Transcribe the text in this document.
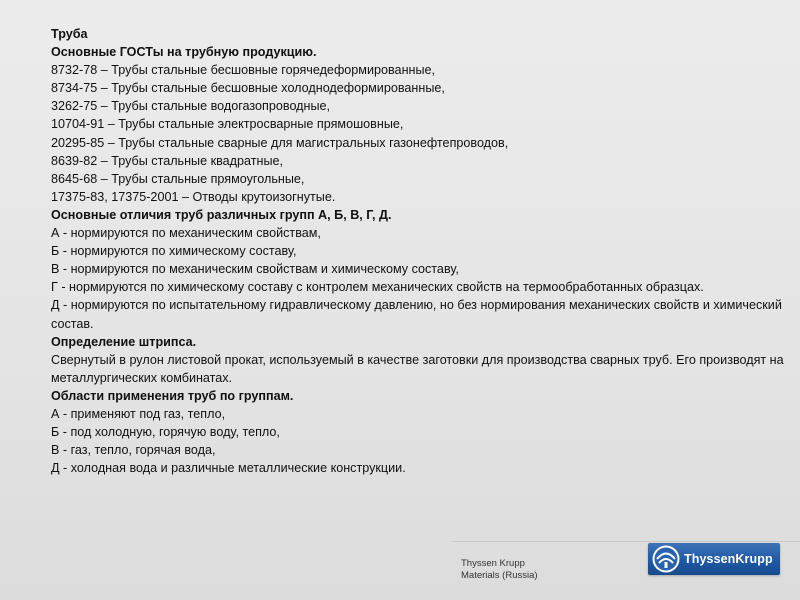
Труба

Основные ГОСТы на трубную продукцию.

8732-78 – Трубы стальные бесшовные горячедеформированные,

8734-75 – Трубы стальные бесшовные холоднодеформированные,

3262-75 – Трубы стальные водогазопроводные,

10704-91 – Трубы стальные электросварные прямошовные,

20295-85 – Трубы стальные сварные для магистральных газонефтепроводов,

8639-82 – Трубы стальные квадратные,

8645-68 – Трубы стальные прямоугольные,

17375-83, 17375-2001 – Отводы крутоизогнутые.

Основные отличия труб различных групп А, Б, В, Г, Д.

А - нормируются по механическим свойствам,

Б - нормируются по химическому составу,

В - нормируются по механическим свойствам и химическому составу,

Г - нормируются по химическому составу с контролем механических свойств на термообработанных образцах.

Д - нормируются по испытательному гидравлическому давлению, но без нормирования механических свойств и химический состав.

Определение штрипса.

Свернутый в рулон листовой прокат, используемый в качестве заготовки для производства сварных труб. Его производят на металлургических комбинатах.

Области применения труб по группам.

А - применяют под газ, тепло,

Б - под холодную, горячую воду, тепло,

В - газ, тепло, горячая вода,

Д - холодная вода и различные металлические конструкции.

Thyssen Krupp
Materials (Russia)
ThyssenKrupp
